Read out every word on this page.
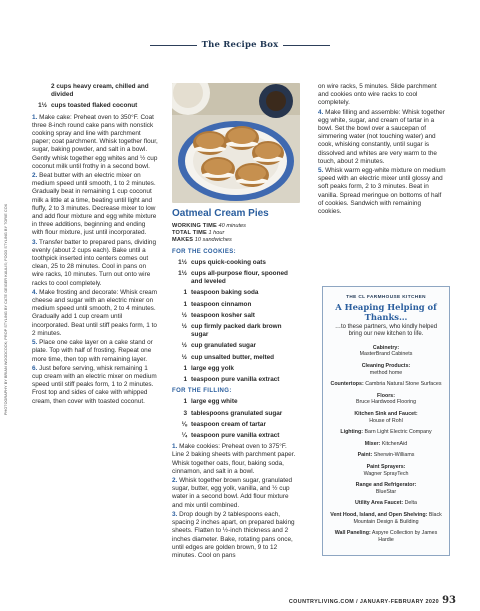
The Recipe Box
2 cups heavy cream, chilled and divided
1½ cups toasted flaked coconut

1. Make cake: Preheat oven to 350°F. Coat three 8-inch round cake pans with nonstick cooking spray and line with parchment paper; coat parchment. Whisk together flour, sugar, baking powder, and salt in a bowl. Gently whisk together egg whites and ½ cup coconut milk until frothy in a second bowl.

2. Beat butter with an electric mixer on medium speed until smooth, 1 to 2 minutes. Gradually beat in remaining 1 cup coconut milk a little at a time, beating until light and fluffy, 2 to 3 minutes. Decrease mixer to low and add flour mixture and egg white mixture in three additions, beginning and ending with flour mixture, just until incorporated.

3. Transfer batter to prepared pans, dividing evenly (about 2 cups each). Bake until a toothpick inserted into centers comes out clean, 25 to 28 minutes. Cool in pans on wire racks, 10 minutes. Turn out onto wire racks to cool completely.

4. Make frosting and decorate: Whisk cream cheese and sugar with an electric mixer on medium speed until smooth, 2 to 4 minutes. Gradually add 1 cup cream until incorporated. Beat until stiff peaks form, 1 to 2 minutes.

5. Place one cake layer on a cake stand or plate. Top with half of frosting. Repeat one more time, then top with remaining layer.

6. Just before serving, whisk remaining 1 cup cream with an electric mixer on medium speed until stiff peaks form, 1 to 2 minutes. Frost top and sides of cake with whipped cream, then cover with toasted coconut.

PHOTOGRAPHY BY BRIAN WOODCOCK; PROP STYLING BY CATE GEIGER KAULIS; FOOD STYLING BY TORIE COX	Oatmeal Cream Pies
WORKING TIME 40 minutes
TOTAL TIME 1 hour
MAKES 10 sandwiches
FOR THE COOKIES:
1½ cups quick-cooking oats
1½ cups all-purpose flour, spooned and leveled
1 teaspoon baking soda
1 teaspoon cinnamon
½ teaspoon kosher salt
½ cup firmly packed dark brown sugar
½ cup granulated sugar
½ cup unsalted butter, melted
1 large egg yolk
1 teaspoon pure vanilla extract
FOR THE FILLING:
1 large egg white
3 tablespoons granulated sugar
⅛ teaspoon cream of tartar
¼ teaspoon pure vanilla extract

1. Make cookies: Preheat oven to 375°F. Line 2 baking sheets with parchment paper. Whisk together oats, flour, baking soda, cinnamon, and salt in a bowl.

2. Whisk together brown sugar, granulated sugar, butter, egg yolk, vanilla, and ½ cup water in a second bowl. Add flour mixture and mix until combined.

3. Drop dough by 2 tablespoons each, spacing 2 inches apart, on prepared baking sheets. Flatten to ½-inch thickness and 2 inches diameter. Bake, rotating pans once, until edges are golden brown, 9 to 12 minutes. Cool on pans

on wire racks, 5 minutes. Slide parchment and cookies onto wire racks to cool completely.

4. Make filling and assemble: Whisk together egg white, sugar, and cream of tartar in a bowl. Set the bowl over a saucepan of simmering water (not touching water) and cook, whisking constantly, until sugar is dissolved and whites are very warm to the touch, about 2 minutes.

5. Whisk warm egg-white mixture on medium speed with an electric mixer until glossy and soft peaks form, 2 to 3 minutes. Beat in vanilla. Spread meringue on bottoms of half of cookies. Sandwich with remaining cookies.

THE CL FARMHOUSE KITCHEN
A Heaping Helping of Thanks…
…to these partners, who kindly helped bring our new kitchen to life.
Cabinetry:
MasterBrand Cabinets
Cleaning Products:
method home
Countertops: Cambria Natural Stone Surfaces
Floors:
Bruce Hardwood Flooring
Kitchen Sink and Faucet:
House of Rohl
Lighting: Barn Light Electric Company
Mixer: KitchenAid
Paint: Sherwin-Williams
Paint Sprayers:
Wagner SprayTech
Range and Refrigerator:
BlueStar
Utility Area Faucet: Delta
Vent Hood, Island, and Open Shelving: Black Mountain Design & Building
Wall Paneling: Aspyre Collection by James Hardie
COUNTRYLIVING.COM / JANUARY‑FEBRUARY 2020 93
